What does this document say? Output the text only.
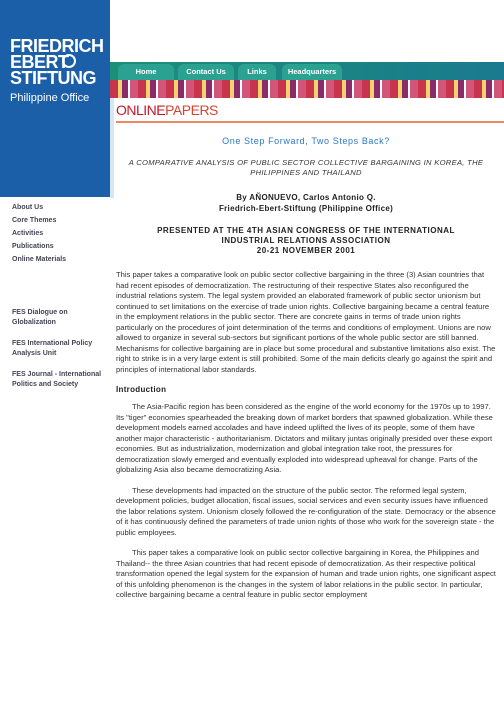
FRIEDRICH
EBERT
STIFTUNG
Philippine Office
Home	Contact Us	Links	Headquarters
ONLINEPAPERS
About Us
Core Themes
Activities
Publications
Online Materials
FES Dialogue on Globalization
FES International Policy Analysis Unit
FES Journal - International Politics and Society
One Step Forward, Two Steps Back?
A COMPARATIVE ANALYSIS OF PUBLIC SECTOR COLLECTIVE BARGAINING IN KOREA, THE PHILIPPINES AND THAILAND
By AÑONUEVO, Carlos Antonio Q.
Friedrich-Ebert-Stiftung (Philippine Office)
PRESENTED AT THE 4TH ASIAN CONGRESS OF THE INTERNATIONAL
INDUSTRIAL RELATIONS ASSOCIATION
20-21 NOVEMBER 2001

This paper takes a comparative look on public sector collective bargaining in the three (3) Asian countries that had recent episodes of democratization. The restructuring of their respective States also reconfigured the industrial relations system. The legal system provided an elaborated framework of public sector unionism but continued to set limitations on the exercise of trade union rights. Collective bargaining became a central feature in the employment relations in the public sector. There are concrete gains in terms of trade union rights particularly on the procedures of joint determination of the terms and conditions of employment. Unions are now allowed to organize in several sub-sectors but significant portions of the whole public sector are still banned. Mechanisms for collective bargaining are in place but some procedural and substantive limitations also exist. The right to strike is in a very large extent is still prohibited. Some of the main deficits clearly go against the spirit and principles of international labor standards.

Introduction

The Asia-Pacific region has been considered as the engine of the world economy for the 1970s up to 1997. Its "tiger" economies spearheaded the breaking down of market borders that spawned globalization. While these development models earned accolades and have indeed uplifted the lives of its people, some of them have another major characteristic - authoritarianism. Dictators and military juntas originally presided over these export economies. But as industrialization, modernization and global integration take root, the pressures for democratization slowly emerged and eventually exploded into widespread upheaval for change. Parts of the globalizing Asia also became democratizing Asia.

These developments had impacted on the structure of the public sector. The reformed legal system, development policies, budget allocation, fiscal issues, social services and even security issues have influenced the labor relations system. Unionism closely followed the re-configuration of the state. Democracy or the absence of it has continuously defined the parameters of trade union rights of those who work for the sovereign state - the public employees.

This paper takes a comparative look on public sector collective bargaining in Korea, the Philippines and Thailand-- the three Asian countries that had recent episode of democratization. As their respective political transformation opened the legal system for the expansion of human and trade union rights, one significant aspect of this unfolding phenomenon is the changes in the system of labor relations in the public sector. In particular, collective bargaining became a central feature in public sector employment
